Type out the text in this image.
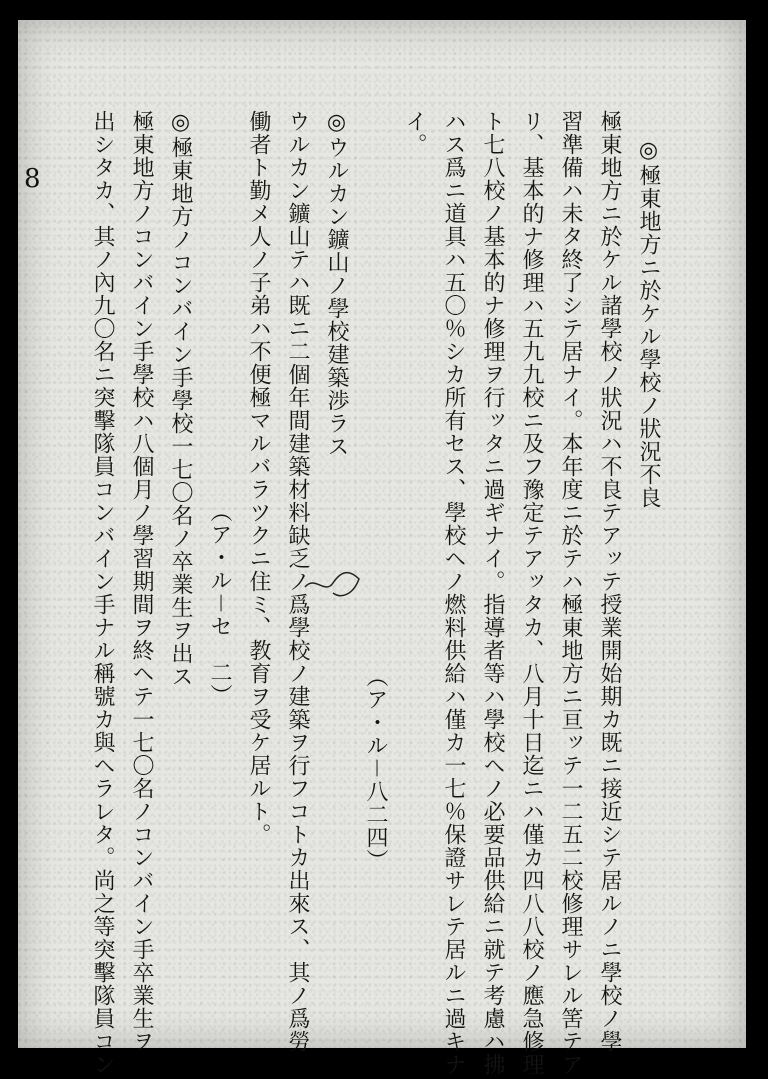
8	◎極東地方ニ於ケル學校ノ狀況不良
極東地方ニ於ケル諸學校ノ狀況ハ不良テアッテ授業開始期カ既ニ接近シテ居ルノニ學校ノ學
習準備ハ未タ終了シテ居ナイ。本年度ニ於テハ極東地方ニ亘ッテ一二五二校修理サレル筈テア
リ、基本的ナ修理ハ五九九校ニ及フ豫定テアッタカ、八月十日迄ニハ僅カ四八八校ノ應急修理
ト七八校ノ基本的ナ修理ヲ行ッタニ過ギナイ。指導者等ハ學校ヘノ必要品供給ニ就テ考慮ハ拂
ハス爲ニ道具ハ五〇％シカ所有セス、學校ヘノ燃料供給ハ僅カ一七％保證サレテ居ルニ過キナ
イ。
（ア・ル－八二四）
◎ウルカン鑛山ノ學校建築渉ラス
ウルカン鑛山テハ既ニ二個年間建築材料缺乏ノ爲學校ノ建築ヲ行フコトカ出來ス、其ノ爲勞
働者ト勤メ人ノ子弟ハ不便極マルバラツクニ住ミ、教育ヲ受ケ居ルト。
（ア・ル－セ　二）
◎極東地方ノコンバイン手學校一七〇名ノ卒業生ヲ出ス
極東地方ノコンバイン手學校ハ八個月ノ學習期間ヲ終ヘテ一七〇名ノコンバイン手卒業生ヲ
出シタカ、其ノ內九〇名ニ突擊隊員コンバイン手ナル稱號カ與ヘラレタ。尚之等突擊隊員コン
